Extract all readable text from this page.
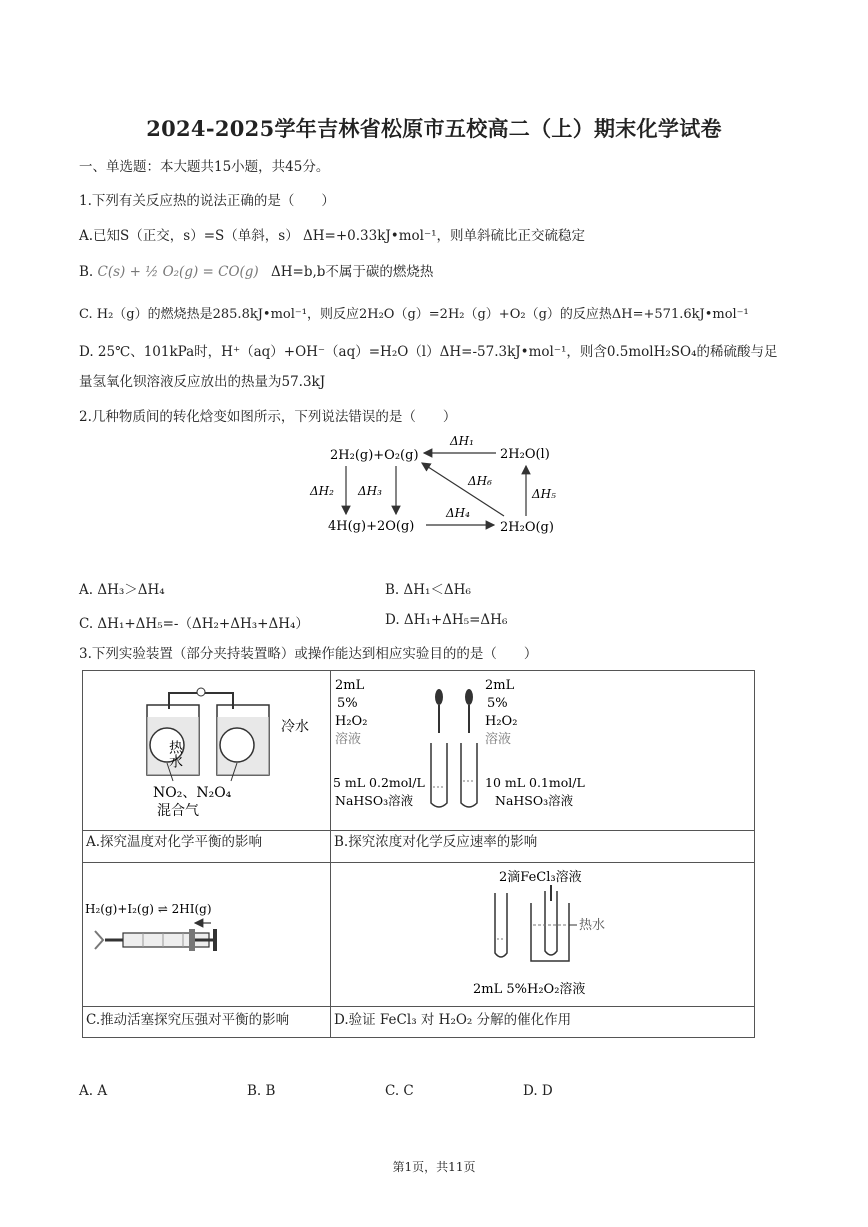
2024-2025学年吉林省松原市五校高二（上）期末化学试卷
一、单选题：本大题共15小题，共45分。
1.下列有关反应热的说法正确的是（　　）
A.已知S（正交，s）=S（单斜，s） ΔH=+0.33kJ•mol⁻¹，则单斜硫比正交硫稳定
B. C(s) + ½ O₂(g) = CO(g) ΔH=b,b不属于碳的燃烧热
C. H₂（g）的燃烧热是285.8kJ•mol⁻¹，则反应2H₂O（g）=2H₂（g）+O₂（g）的反应热ΔH=+571.6kJ•mol⁻¹
D. 25℃、101kPa时，H⁺（aq）+OH⁻（aq）=H₂O（l）ΔH=-57.3kJ•mol⁻¹，则含0.5molH₂SO₄的稀硫酸与足
量氢氧化钡溶液反应放出的热量为57.3kJ
2.几种物质间的转化焓变如图所示，下列说法错误的是（　　）
2H₂(g)+O₂(g)	2H₂O(l)
4H(g)+2O(g)	2H₂O(g)
ΔH₁
ΔH₂ ΔH₃
ΔH₄
ΔH₅
ΔH₆
A. ΔH₃＞ΔH₄	B. ΔH₁＜ΔH₆
C. ΔH₁+ΔH₅=-（ΔH₂+ΔH₃+ΔH₄）	D. ΔH₁+ΔH₅=ΔH₆
3.下列实验装置（部分夹持装置略）或操作能达到相应实验目的的是（　　）
热水
冷水
NO₂、N₂O₄
混合气
2mL
5%
H₂O₂
溶液
2mL
5%
H₂O₂
溶液
5 mL 0.2mol/L
NaHSO₃溶液
10 mL 0.1mol/L
NaHSO₃溶液
A.探究温度对化学平衡的影响	B.探究浓度对化学反应速率的影响
H₂(g)+I₂(g) ⇌ 2HI(g)
2滴FeCl₃溶液
热水
2mL 5%H₂O₂溶液
C.推动活塞探究压强对平衡的影响	D.验证 FeCl₃ 对 H₂O₂ 分解的催化作用
A. A	B. B	C. C	D. D
第1页，共11页
